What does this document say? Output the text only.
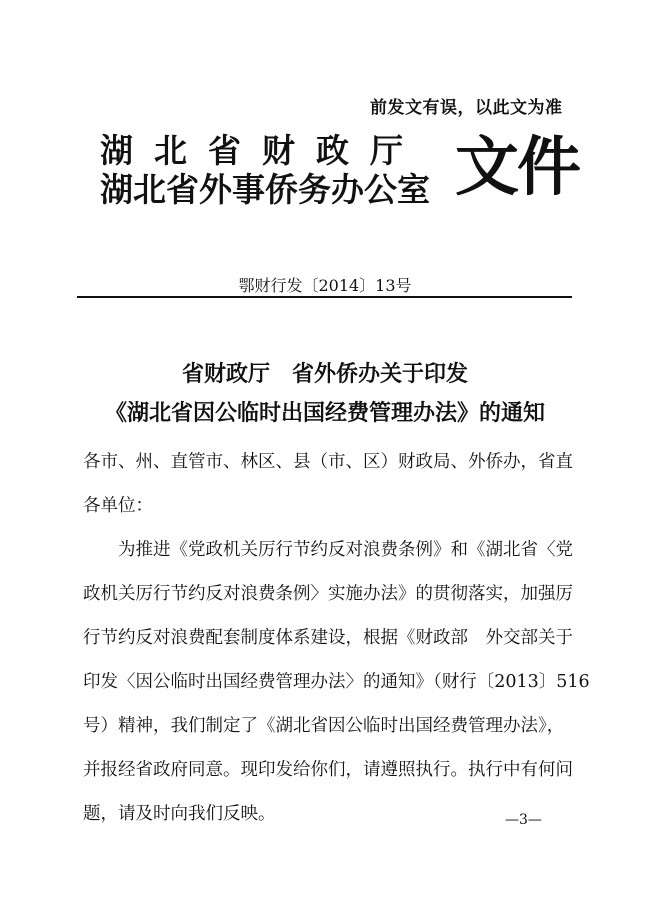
前发文有误，以此文为准
湖北省财政厅
湖北省外事侨务办公室 文件
鄂财行发〔2014〕13号
省财政厅　省外侨办关于印发
《湖北省因公临时出国经费管理办法》的通知
各市、州、直管市、林区、县（市、区）财政局、外侨办，省直
各单位：
　　为推进《党政机关厉行节约反对浪费条例》和《湖北省〈党
政机关厉行节约反对浪费条例〉实施办法》的贯彻落实，加强厉
行节约反对浪费配套制度体系建设，根据《财政部　外交部关于
印发〈因公临时出国经费管理办法〉的通知》（财行〔2013〕516
号）精神，我们制定了《湖北省因公临时出国经费管理办法》，
并报经省政府同意。现印发给你们，请遵照执行。执行中有何问
题，请及时向我们反映。	—3—
